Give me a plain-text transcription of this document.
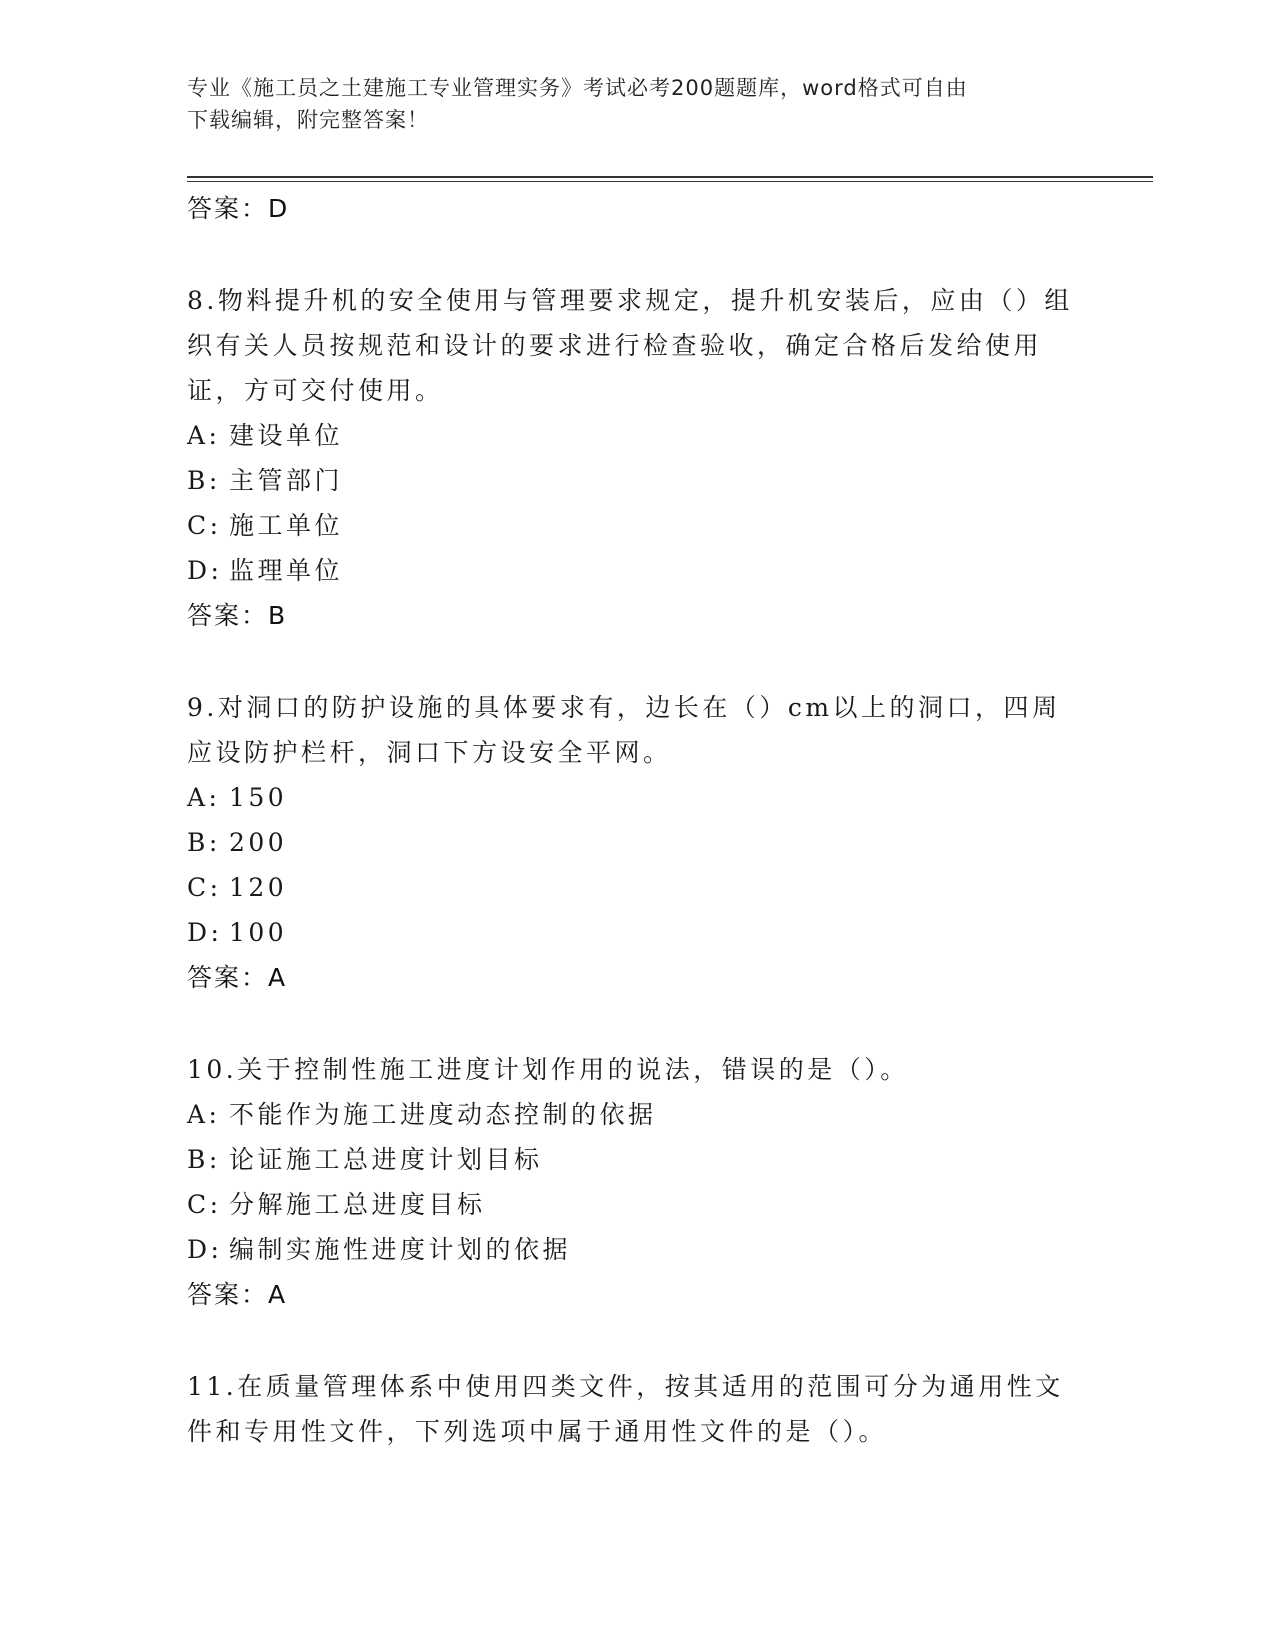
专业《施工员之土建施工专业管理实务》考试必考200题题库，word格式可自由
下载编辑，附完整答案！
答案：D
8.物料提升机的安全使用与管理要求规定，提升机安装后，应由（）组织有关人员按规范和设计的要求进行检查验收，确定合格后发给使用证，方可交付使用。
A: 建设单位
B: 主管部门
C: 施工单位
D: 监理单位
答案：B
9.对洞口的防护设施的具体要求有，边长在（）cm以上的洞口，四周应设防护栏杆，洞口下方设安全平网。
A: 150
B: 200
C: 120
D: 100
答案：A
10.关于控制性施工进度计划作用的说法，错误的是（）。
A: 不能作为施工进度动态控制的依据
B: 论证施工总进度计划目标
C: 分解施工总进度目标
D: 编制实施性进度计划的依据
答案：A
11.在质量管理体系中使用四类文件，按其适用的范围可分为通用性文件和专用性文件，下列选项中属于通用性文件的是（）。
